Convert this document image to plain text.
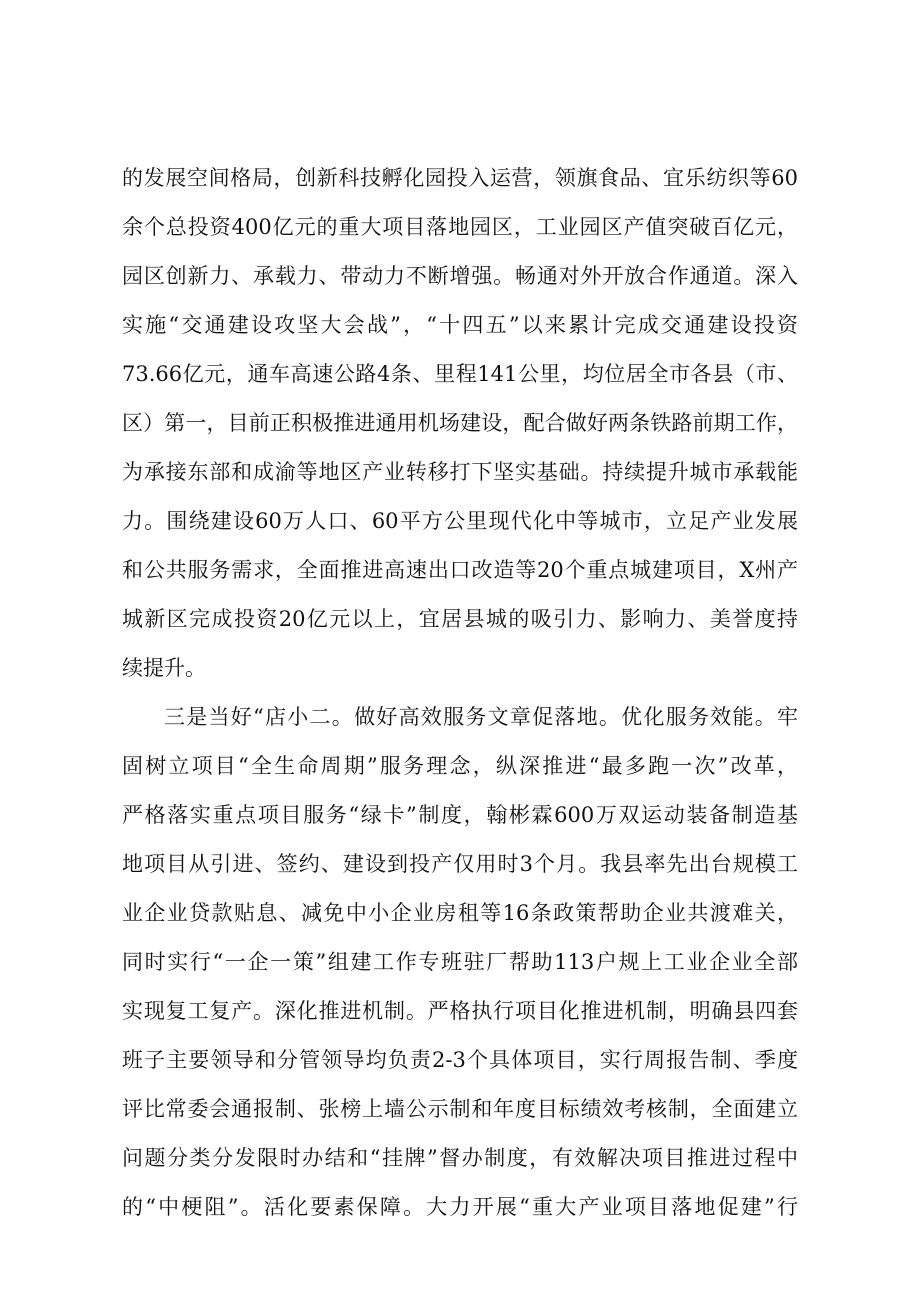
的发展空间格局，创新科技孵化园投入运营，领旗食品、宜乐纺织等60
余个总投资400亿元的重大项目落地园区，工业园区产值突破百亿元，
园区创新力、承载力、带动力不断增强。畅通对外开放合作通道。深入
实施“交通建设攻坚大会战”，“十四五”以来累计完成交通建设投资
73.66亿元，通车高速公路4条、里程141公里，均位居全市各县（市、
区）第一，目前正积极推进通用机场建设，配合做好两条铁路前期工作，
为承接东部和成渝等地区产业转移打下坚实基础。持续提升城市承载能
力。围绕建设60万人口、60平方公里现代化中等城市，立足产业发展
和公共服务需求，全面推进高速出口改造等20个重点城建项目，X州产
城新区完成投资20亿元以上，宜居县城的吸引力、影响力、美誉度持
续提升。
三是当好“店小二。做好高效服务文章促落地。优化服务效能。牢
固树立项目“全生命周期”服务理念，纵深推进“最多跑一次”改革，
严格落实重点项目服务“绿卡”制度，翰彬霖600万双运动装备制造基
地项目从引进、签约、建设到投产仅用时3个月。我县率先出台规模工
业企业贷款贴息、减免中小企业房租等16条政策帮助企业共渡难关，
同时实行“一企一策”组建工作专班驻厂帮助113户规上工业企业全部
实现复工复产。深化推进机制。严格执行项目化推进机制，明确县四套
班子主要领导和分管领导均负责2-3个具体项目，实行周报告制、季度
评比常委会通报制、张榜上墙公示制和年度目标绩效考核制，全面建立
问题分类分发限时办结和“挂牌”督办制度，有效解决项目推进过程中
的“中梗阻”。活化要素保障。大力开展“重大产业项目落地促建”行
